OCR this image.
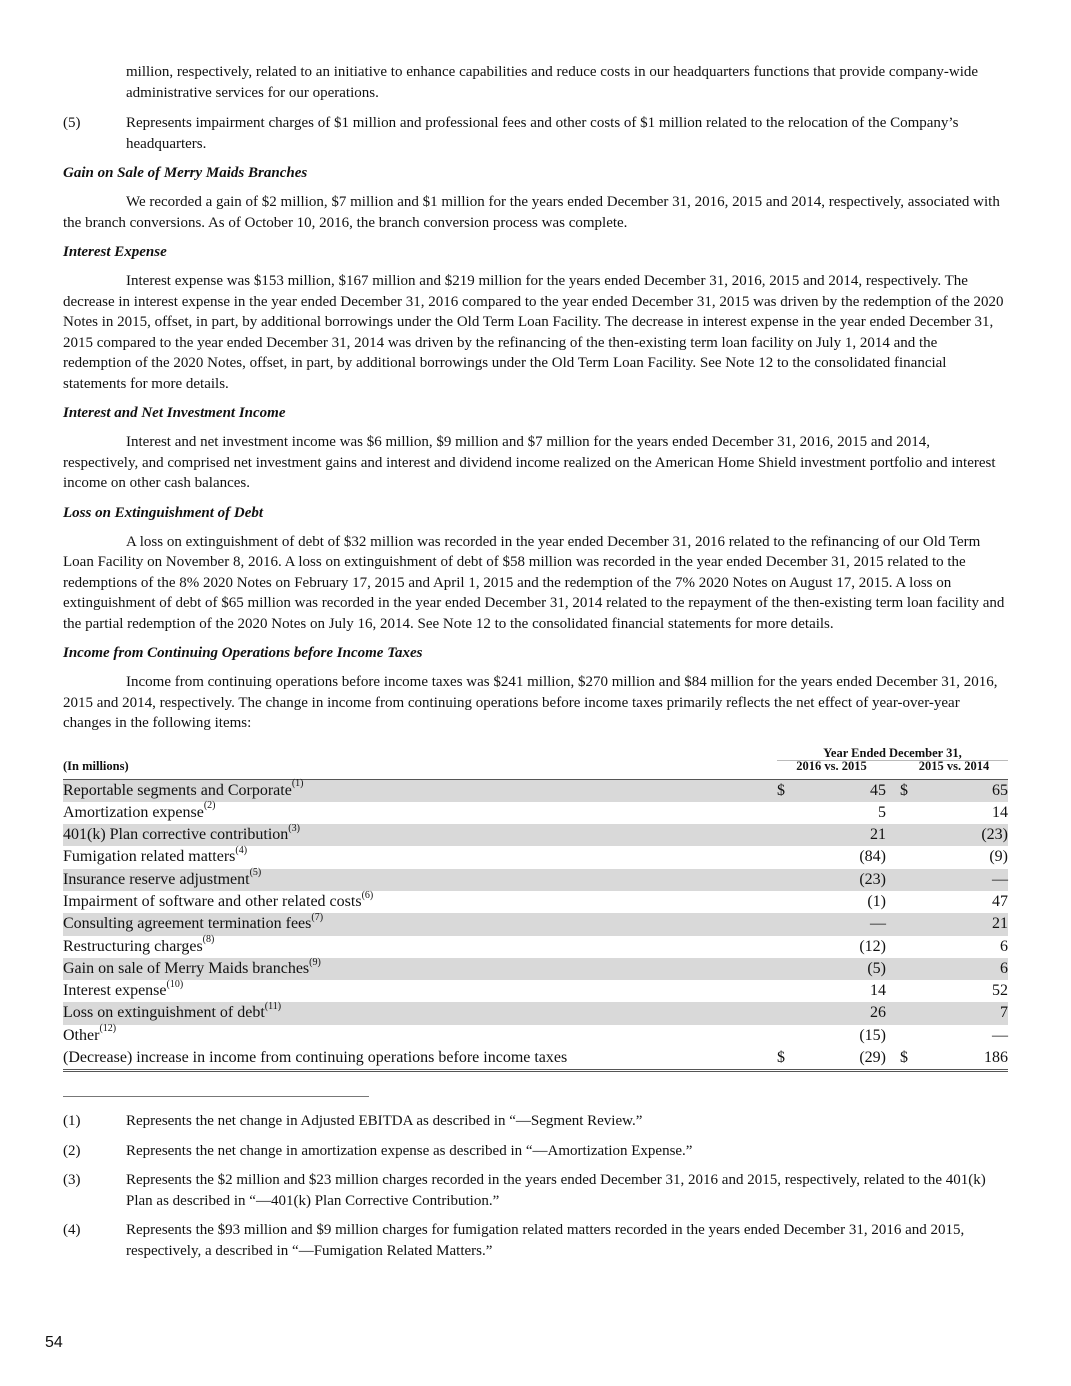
million, respectively, related to an initiative to enhance capabilities and reduce costs in our headquarters functions that provide company-wide administrative services for our operations.
(5)	Represents impairment charges of $1 million and professional fees and other costs of $1 million related to the relocation of the Company’s headquarters.
Gain on Sale of Merry Maids Branches

We recorded a gain of $2 million, $7 million and $1 million for the years ended December 31, 2016, 2015 and 2014, respectively, associated with the branch conversions. As of October 10, 2016, the branch conversion process was complete.

Interest Expense

Interest expense was $153 million, $167 million and $219 million for the years ended December 31, 2016, 2015 and 2014, respectively. The decrease in interest expense in the year ended December 31, 2016 compared to the year ended December 31, 2015 was driven by the redemption of the 2020 Notes in 2015, offset, in part, by additional borrowings under the Old Term Loan Facility. The decrease in interest expense in the year ended December 31, 2015 compared to the year ended December 31, 2014 was driven by the refinancing of the then-existing term loan facility on July 1, 2014 and the redemption of the 2020 Notes, offset, in part, by additional borrowings under the Old Term Loan Facility. See Note 12 to the consolidated financial statements for more details.

Interest and Net Investment Income

Interest and net investment income was $6 million, $9 million and $7 million for the years ended December 31, 2016, 2015 and 2014, respectively, and comprised net investment gains and interest and dividend income realized on the American Home Shield investment portfolio and interest income on other cash balances.

Loss on Extinguishment of Debt

A loss on extinguishment of debt of $32 million was recorded in the year ended December 31, 2016 related to the refinancing of our Old Term Loan Facility on November 8, 2016. A loss on extinguishment of debt of $58 million was recorded in the year ended December 31, 2015 related to the redemptions of the 8% 2020 Notes on February 17, 2015 and April 1, 2015 and the redemption of the 7% 2020 Notes on August 17, 2015. A loss on extinguishment of debt of $65 million was recorded in the year ended December 31, 2014 related to the repayment of the then-existing term loan facility and the partial redemption of the 2020 Notes on July 16, 2014. See Note 12 to the consolidated financial statements for more details.

Income from Continuing Operations before Income Taxes

Income from continuing operations before income taxes was $241 million, $270 million and $84 million for the years ended December 31, 2016, 2015 and 2014, respectively. The change in income from continuing operations before income taxes primarily reflects the net effect of year-over-year changes in the following items:

Year Ended December 31,
(In millions)	2016 vs. 2015	2015 vs. 2014
Reportable segments and Corporate$^{(1)}$	$	45 $	65
Amortization expense$^{(2)}$	5	14
401(k) Plan corrective contribution$^{(3)}$	21	(23)
Fumigation related matters$^{(4)}$	(84)	(9)
Insurance reserve adjustment$^{(5)}$	(23)	—
Impairment of software and other related costs$^{(6)}$	(1)	47
Consulting agreement termination fees$^{(7)}$	—	21
Restructuring charges$^{(8)}$	(12)	6
Gain on sale of Merry Maids branches$^{(9)}$	(5)	6
Interest expense$^{(10)}$	14	52
Loss on extinguishment of debt$^{(11)}$	26	7
Other$^{(12)}$	(15)	—
(Decrease) increase in income from continuing operations before income taxes	$	(29) $	186
(1)	Represents the net change in Adjusted EBITDA as described in “—Segment Review.”
(2)	Represents the net change in amortization expense as described in “—Amortization Expense.”
(3)	Represents the $2 million and $23 million charges recorded in the years ended December 31, 2016 and 2015, respectively, related to the 401(k) Plan as described in “—401(k) Plan Corrective Contribution.”
(4)	Represents the $93 million and $9 million charges for fumigation related matters recorded in the years ended December 31, 2016 and 2015, respectively, a described in “—Fumigation Related Matters.”
54
